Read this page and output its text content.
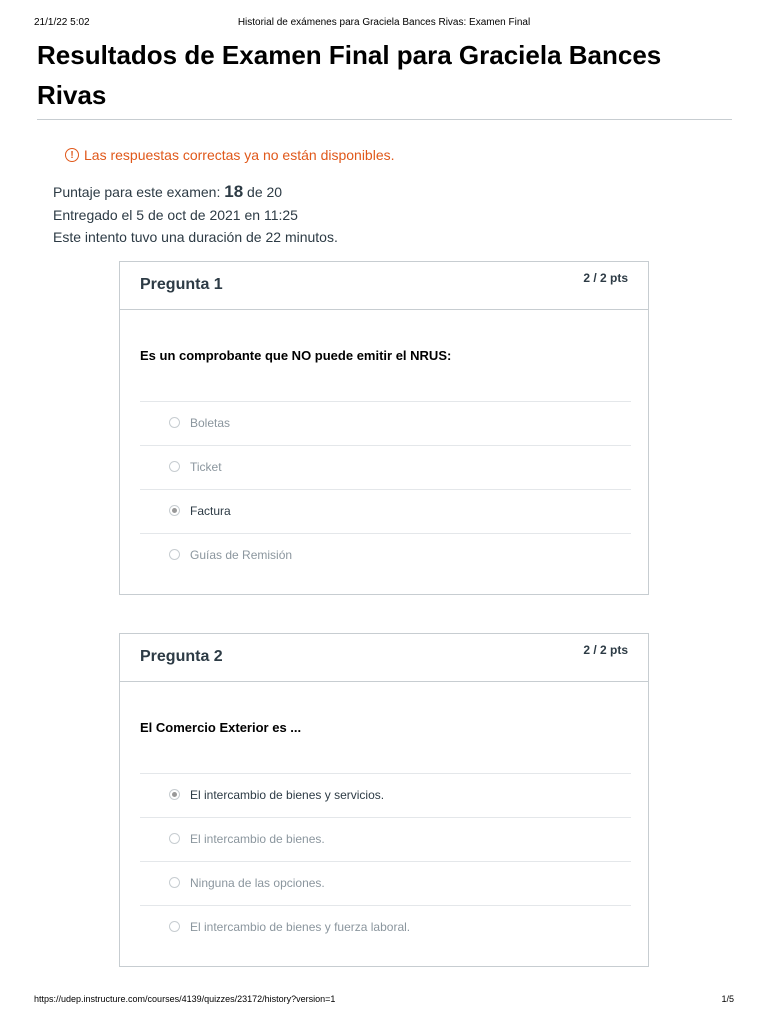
21/1/22 5:02	Historial de exámenes para Graciela Bances Rivas: Examen Final
Resultados de Examen Final para Graciela Bances Rivas
! Las respuestas correctas ya no están disponibles.
Puntaje para este examen: 18 de 20
Entregado el 5 de oct de 2021 en 11:25
Este intento tuvo una duración de 22 minutos.
Pregunta 1	2 / 2 pts
Es un comprobante que NO puede emitir el NRUS:
Boletas
Ticket
Factura
Guías de Remisión
Pregunta 2	2 / 2 pts
El Comercio Exterior es ...
El intercambio de bienes y servicios.
El intercambio de bienes.
Ninguna de las opciones.
El intercambio de bienes y fuerza laboral.
https://udep.instructure.com/courses/4139/quizzes/23172/history?version=1	1/5
